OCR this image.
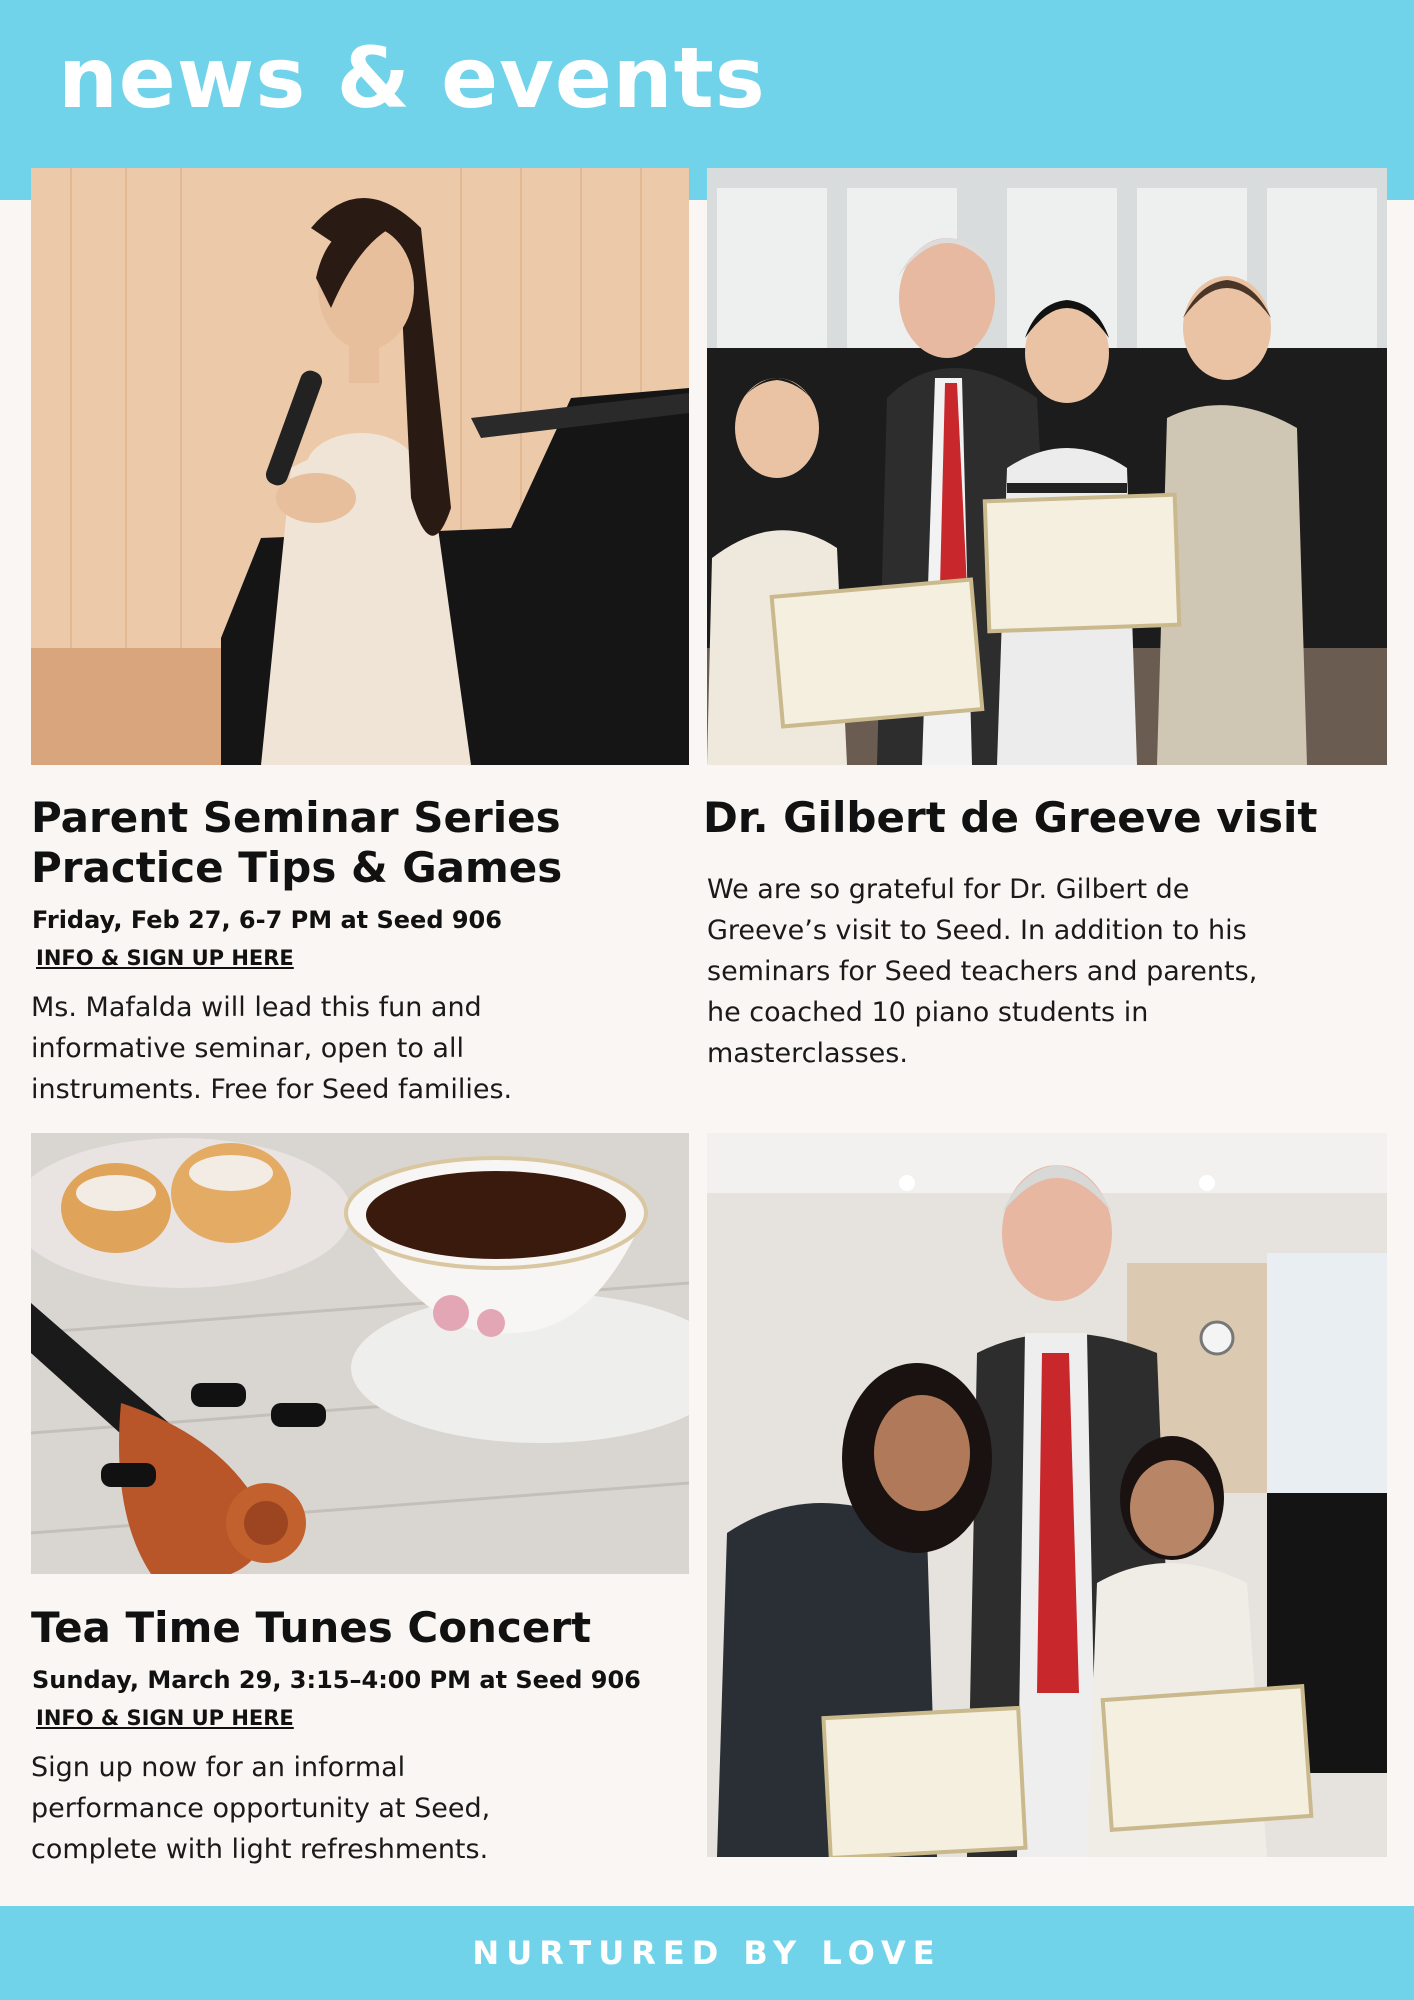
news & events
Parent Seminar Series
Practice Tips & Games

Friday, Feb 27, 6-7 PM at Seed 906

INFO & SIGN UP HERE

Ms. Mafalda will lead this fun and

informative seminar, open to all

instruments. Free for Seed families.

Dr. Gilbert de Greeve visit

We are so grateful for Dr. Gilbert de

Greeve’s visit to Seed. In addition to his

seminars for Seed teachers and parents,

he coached 10 piano students in

masterclasses.

Tea Time Tunes Concert

Sunday, March 29, 3:15–4:00 PM at Seed 906

INFO & SIGN UP HERE

Sign up now for an informal

performance opportunity at Seed,

complete with light refreshments.

NURTURED BY LOVE
